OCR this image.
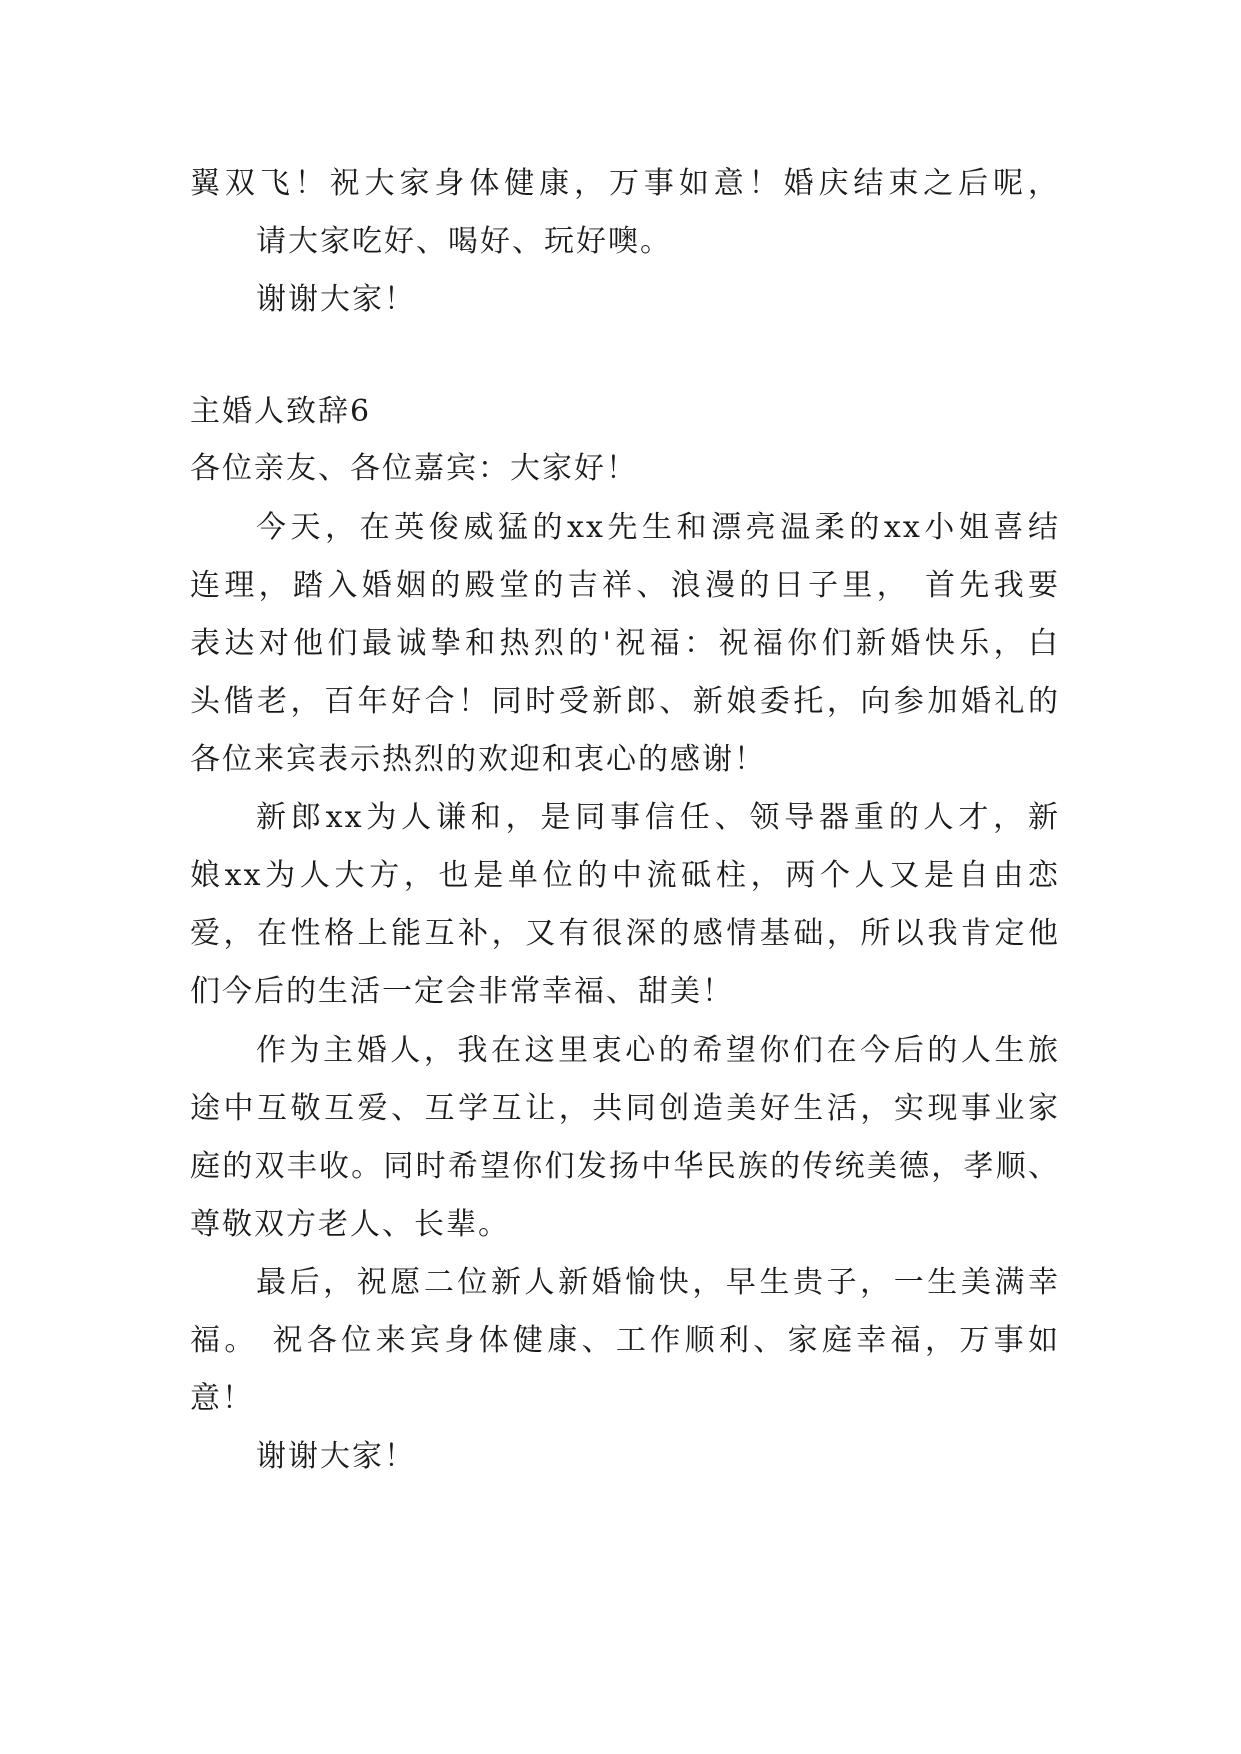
翼双飞！祝大家身体健康，万事如意！婚庆结束之后呢，
请大家吃好、喝好、玩好噢。
谢谢大家！
主婚人致辞6
各位亲友、各位嘉宾：大家好！
今天，在英俊威猛的xx先生和漂亮温柔的xx小姐喜结
连理，踏入婚姻的殿堂的吉祥、浪漫的日子里， 首先我要
表达对他们最诚挚和热烈的'祝福：祝福你们新婚快乐，白
头偕老，百年好合！同时受新郎、新娘委托，向参加婚礼的
各位来宾表示热烈的欢迎和衷心的感谢！
新郎xx为人谦和，是同事信任、领导器重的人才，新
娘xx为人大方，也是单位的中流砥柱，两个人又是自由恋
爱，在性格上能互补，又有很深的感情基础，所以我肯定他
们今后的生活一定会非常幸福、甜美！
作为主婚人，我在这里衷心的希望你们在今后的人生旅
途中互敬互爱、互学互让，共同创造美好生活，实现事业家
庭的双丰收。同时希望你们发扬中华民族的传统美德，孝顺、
尊敬双方老人、长辈。
最后，祝愿二位新人新婚愉快，早生贵子，一生美满幸
福。 祝各位来宾身体健康、工作顺利、家庭幸福，万事如
意！
谢谢大家！
